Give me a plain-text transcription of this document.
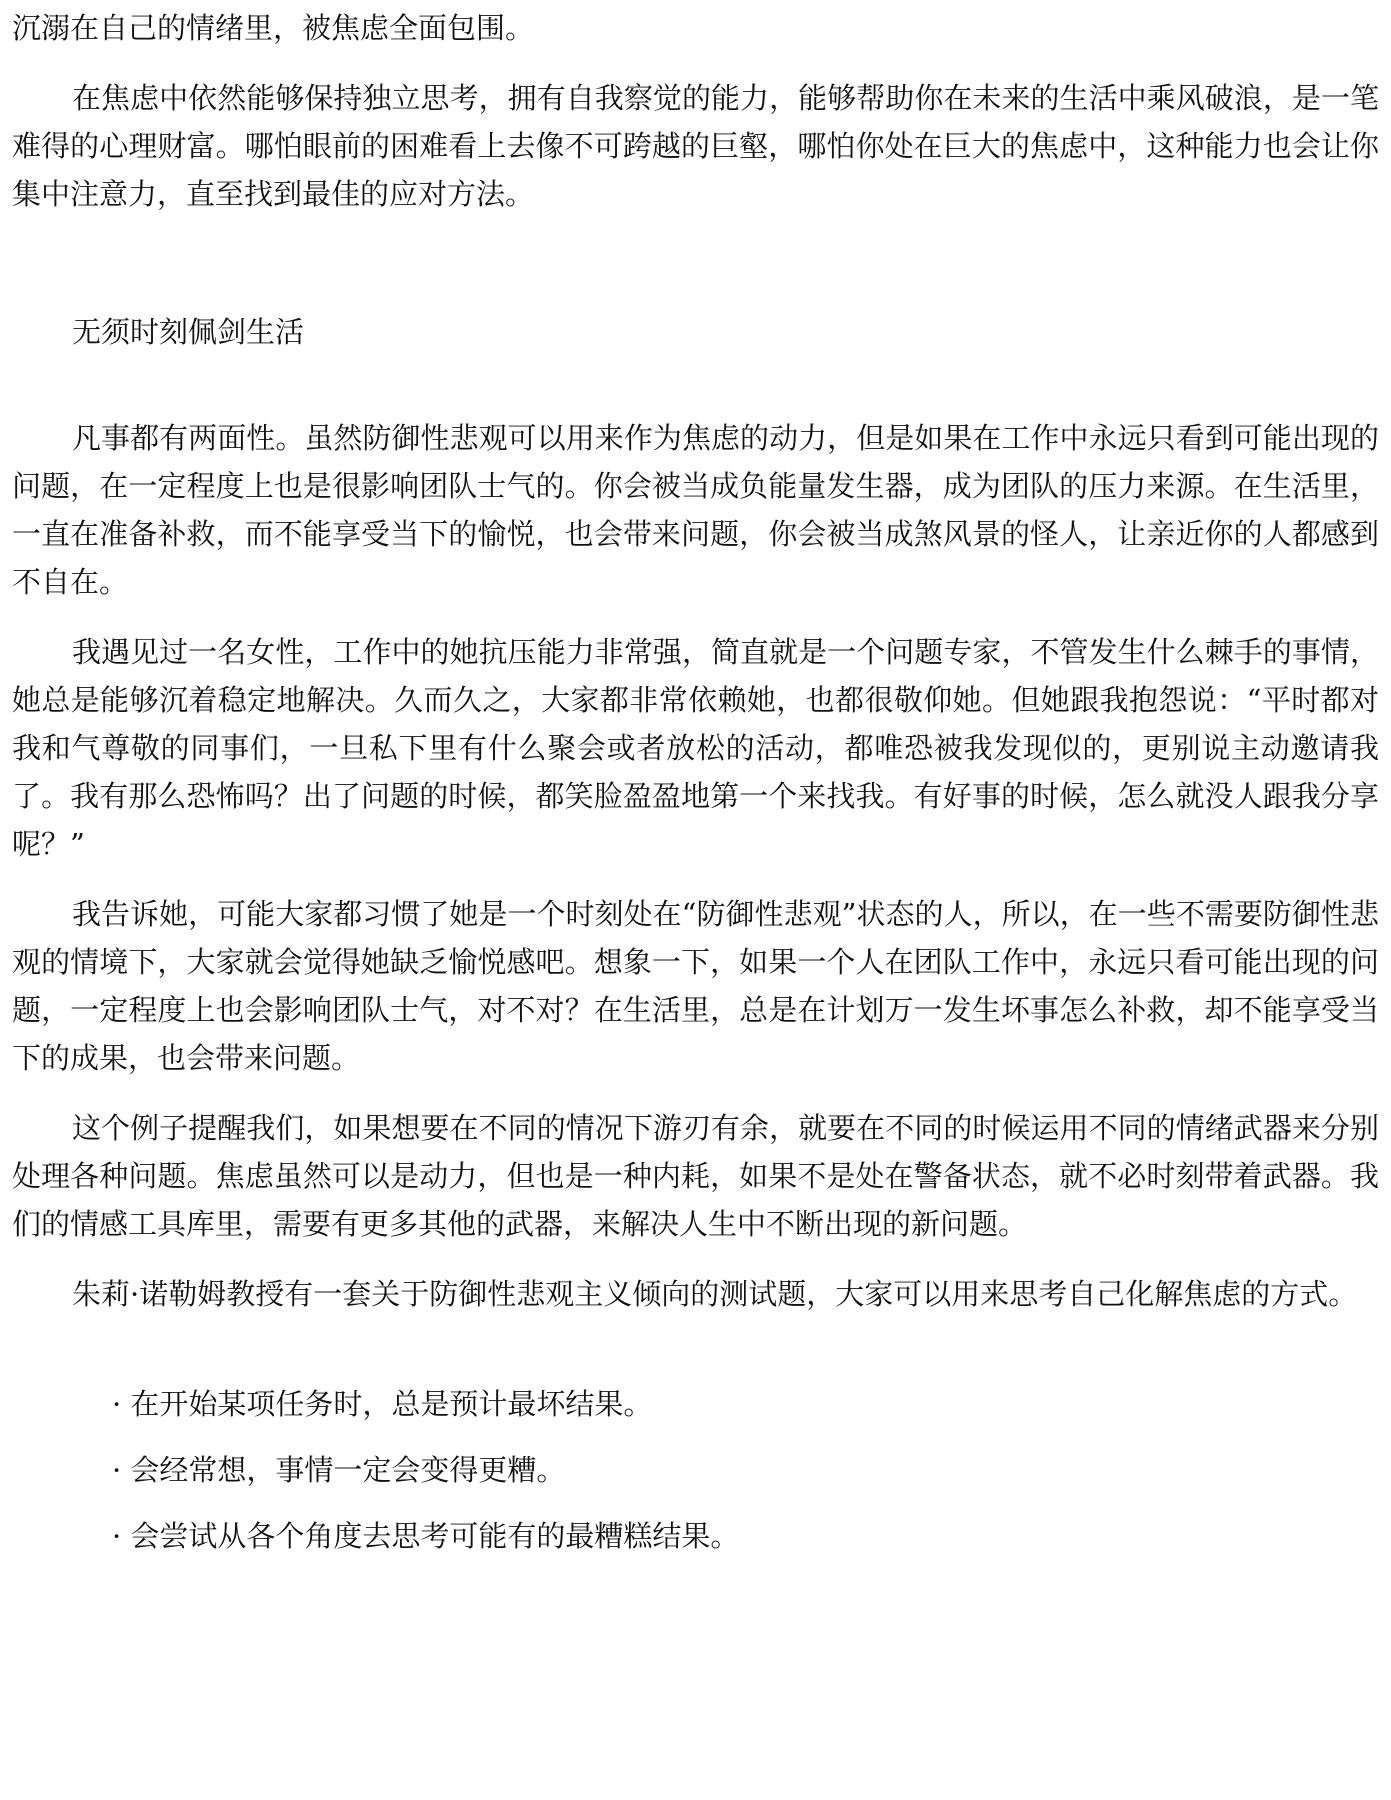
沉溺在自己的情绪里，被焦虑全面包围。

在焦虑中依然能够保持独立思考，拥有自我察觉的能力，能够帮助你在未来的生活中乘风破浪，是一笔难得的心理财富。哪怕眼前的困难看上去像不可跨越的巨壑，哪怕你处在巨大的焦虑中，这种能力也会让你集中注意力，直至找到最佳的应对方法。

无须时刻佩剑生活

凡事都有两面性。虽然防御性悲观可以用来作为焦虑的动力，但是如果在工作中永远只看到可能出现的问题，在一定程度上也是很影响团队士气的。你会被当成负能量发生器，成为团队的压力来源。在生活里，一直在准备补救，而不能享受当下的愉悦，也会带来问题，你会被当成煞风景的怪人，让亲近你的人都感到不自在。

我遇见过一名女性，工作中的她抗压能力非常强，简直就是一个问题专家，不管发生什么棘手的事情，她总是能够沉着稳定地解决。久而久之，大家都非常依赖她，也都很敬仰她。但她跟我抱怨说：“平时都对我和气尊敬的同事们，一旦私下里有什么聚会或者放松的活动，都唯恐被我发现似的，更别说主动邀请我了。我有那么恐怖吗？出了问题的时候，都笑脸盈盈地第一个来找我。有好事的时候，怎么就没人跟我分享呢？”

我告诉她，可能大家都习惯了她是一个时刻处在“防御性悲观”状态的人，所以，在一些不需要防御性悲观的情境下，大家就会觉得她缺乏愉悦感吧。想象一下，如果一个人在团队工作中，永远只看可能出现的问题，一定程度上也会影响团队士气，对不对？在生活里，总是在计划万一发生坏事怎么补救，却不能享受当下的成果，也会带来问题。

这个例子提醒我们，如果想要在不同的情况下游刃有余，就要在不同的时候运用不同的情绪武器来分别处理各种问题。焦虑虽然可以是动力，但也是一种内耗，如果不是处在警备状态，就不必时刻带着武器。我们的情感工具库里，需要有更多其他的武器，来解决人生中不断出现的新问题。

朱莉·诺勒姆教授有一套关于防御性悲观主义倾向的测试题，大家可以用来思考自己化解焦虑的方式。

· 在开始某项任务时，总是预计最坏结果。
· 会经常想，事情一定会变得更糟。
· 会尝试从各个角度去思考可能有的最糟糕结果。
